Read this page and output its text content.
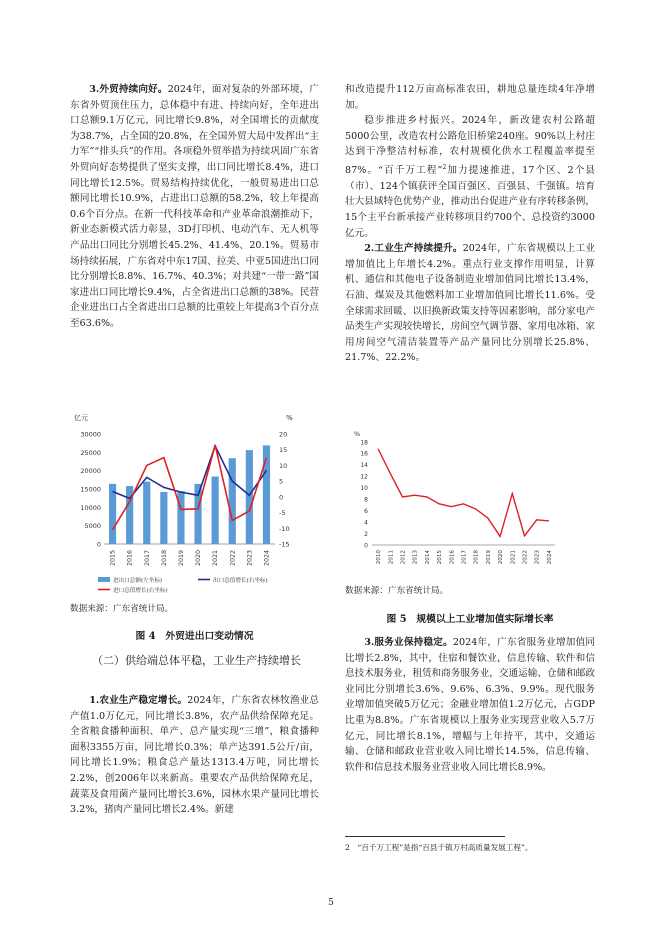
3.外贸持续向好。2024年，面对复杂的外部环境，广东省外贸顶住压力，总体稳中有进、持续向好，全年进出口总额9.1万亿元，同比增长9.8%，对全国增长的贡献度为38.7%，占全国的20.8%，在全国外贸大局中发挥出“主力军”“排头兵”的作用。各项稳外贸举措为持续巩固广东省外贸向好态势提供了坚实支撑，出口同比增长8.4%，进口同比增长12.5%。贸易结构持续优化，一般贸易进出口总额同比增长10.9%，占进出口总额的58.2%，较上年提高0.6个百分点。在新一代科技革命和产业革命浪潮推动下，新业态新模式活力彰显，3D打印机、电动汽车、无人机等产品出口同比分别增长45.2%、41.4%、20.1%。贸易市场持续拓展，广东省对中东17国、拉美、中亚5国进出口同比分别增长8.8%、16.7%、40.3%；对共建“一带一路”国家进出口同比增长9.4%，占全省进出口总额的38%。民营企业进出口占全省进出口总额的比重较上年提高3个百分点至63.6%。

亿元	%
0
5000
10000
15000
20000
25000
30000
-15
-10
-5
0
5
10
15
20
2015 2016 2017 2018 2019 2020 2021 2022 2023 2024
进出口总额(左坐标)	出口总值增长(右坐标)
进口总值增长(右坐标)
数据来源：广东省统计局。
图 4　外贸进出口变动情况
（二）供给端总体平稳，工业生产持续增长

1.农业生产稳定增长。2024年，广东省农林牧渔业总产值1.0万亿元，同比增长3.8%，农产品供给保障充足。全省粮食播种面积、单产、总产量实现“三增”，粮食播种面积3355万亩，同比增长0.3%；单产达391.5公斤/亩，同比增长1.9%；粮食总产量达1313.4万吨，同比增长2.2%，创2006年以来新高。重要农产品供给保障充足，蔬菜及食用菌产量同比增长3.6%，园林水果产量同比增长3.2%，猪肉产量同比增长2.4%。新建

和改造提升112万亩高标准农田，耕地总量连续4年净增加。

稳步推进乡村振兴。2024年，新改建农村公路超5000公里，改造农村公路危旧桥梁240座。90%以上村庄达到干净整洁村标准，农村规模化供水工程覆盖率提至87%。“百千万工程”$^2$加力提速推进，17个区、2个县（市）、124个镇获评全国百强区、百强县、千强镇。培育壮大县域特色优势产业，推动出台促进产业有序转移条例，15个主平台新承接产业转移项目约700个、总投资约3000亿元。

2.工业生产持续提升。2024年，广东省规模以上工业增加值比上年增长4.2%。重点行业支撑作用明显，计算机、通信和其他电子设备制造业增加值同比增长13.4%，石油、煤炭及其他燃料加工业增加值同比增长11.6%。受全球需求回暖、以旧换新政策支持等因素影响，部分家电产品类生产实现较快增长，房间空气调节器、家用电冰箱、家用房间空气清洁装置等产品产量同比分别增长25.8%、21.7%、22.2%。

%
0
2
4
6
8
10
12
14
16
18
2010 2011 2012 2013 2014 2015 2016 2017 2018 2019 2020 2021 2022 2023 2024
数据来源：广东省统计局。
图 5　规模以上工业增加值实际增长率

3.服务业保持稳定。2024年，广东省服务业增加值同比增长2.8%，其中，住宿和餐饮业，信息传输、软件和信息技术服务业，租赁和商务服务业，交通运输、仓储和邮政业同比分别增长3.6%、9.6%、6.3%、9.9%。现代服务业增加值突破5万亿元；金融业增加值1.2万亿元，占GDP比重为8.8%。广东省规模以上服务业实现营业收入5.7万亿元，同比增长8.1%，增幅与上年持平，其中，交通运输、仓储和邮政业营业收入同比增长14.5%，信息传输、软件和信息技术服务业营业收入同比增长8.9%。

2　“百千万工程”是指“百县千镇万村高质量发展工程”。
5
